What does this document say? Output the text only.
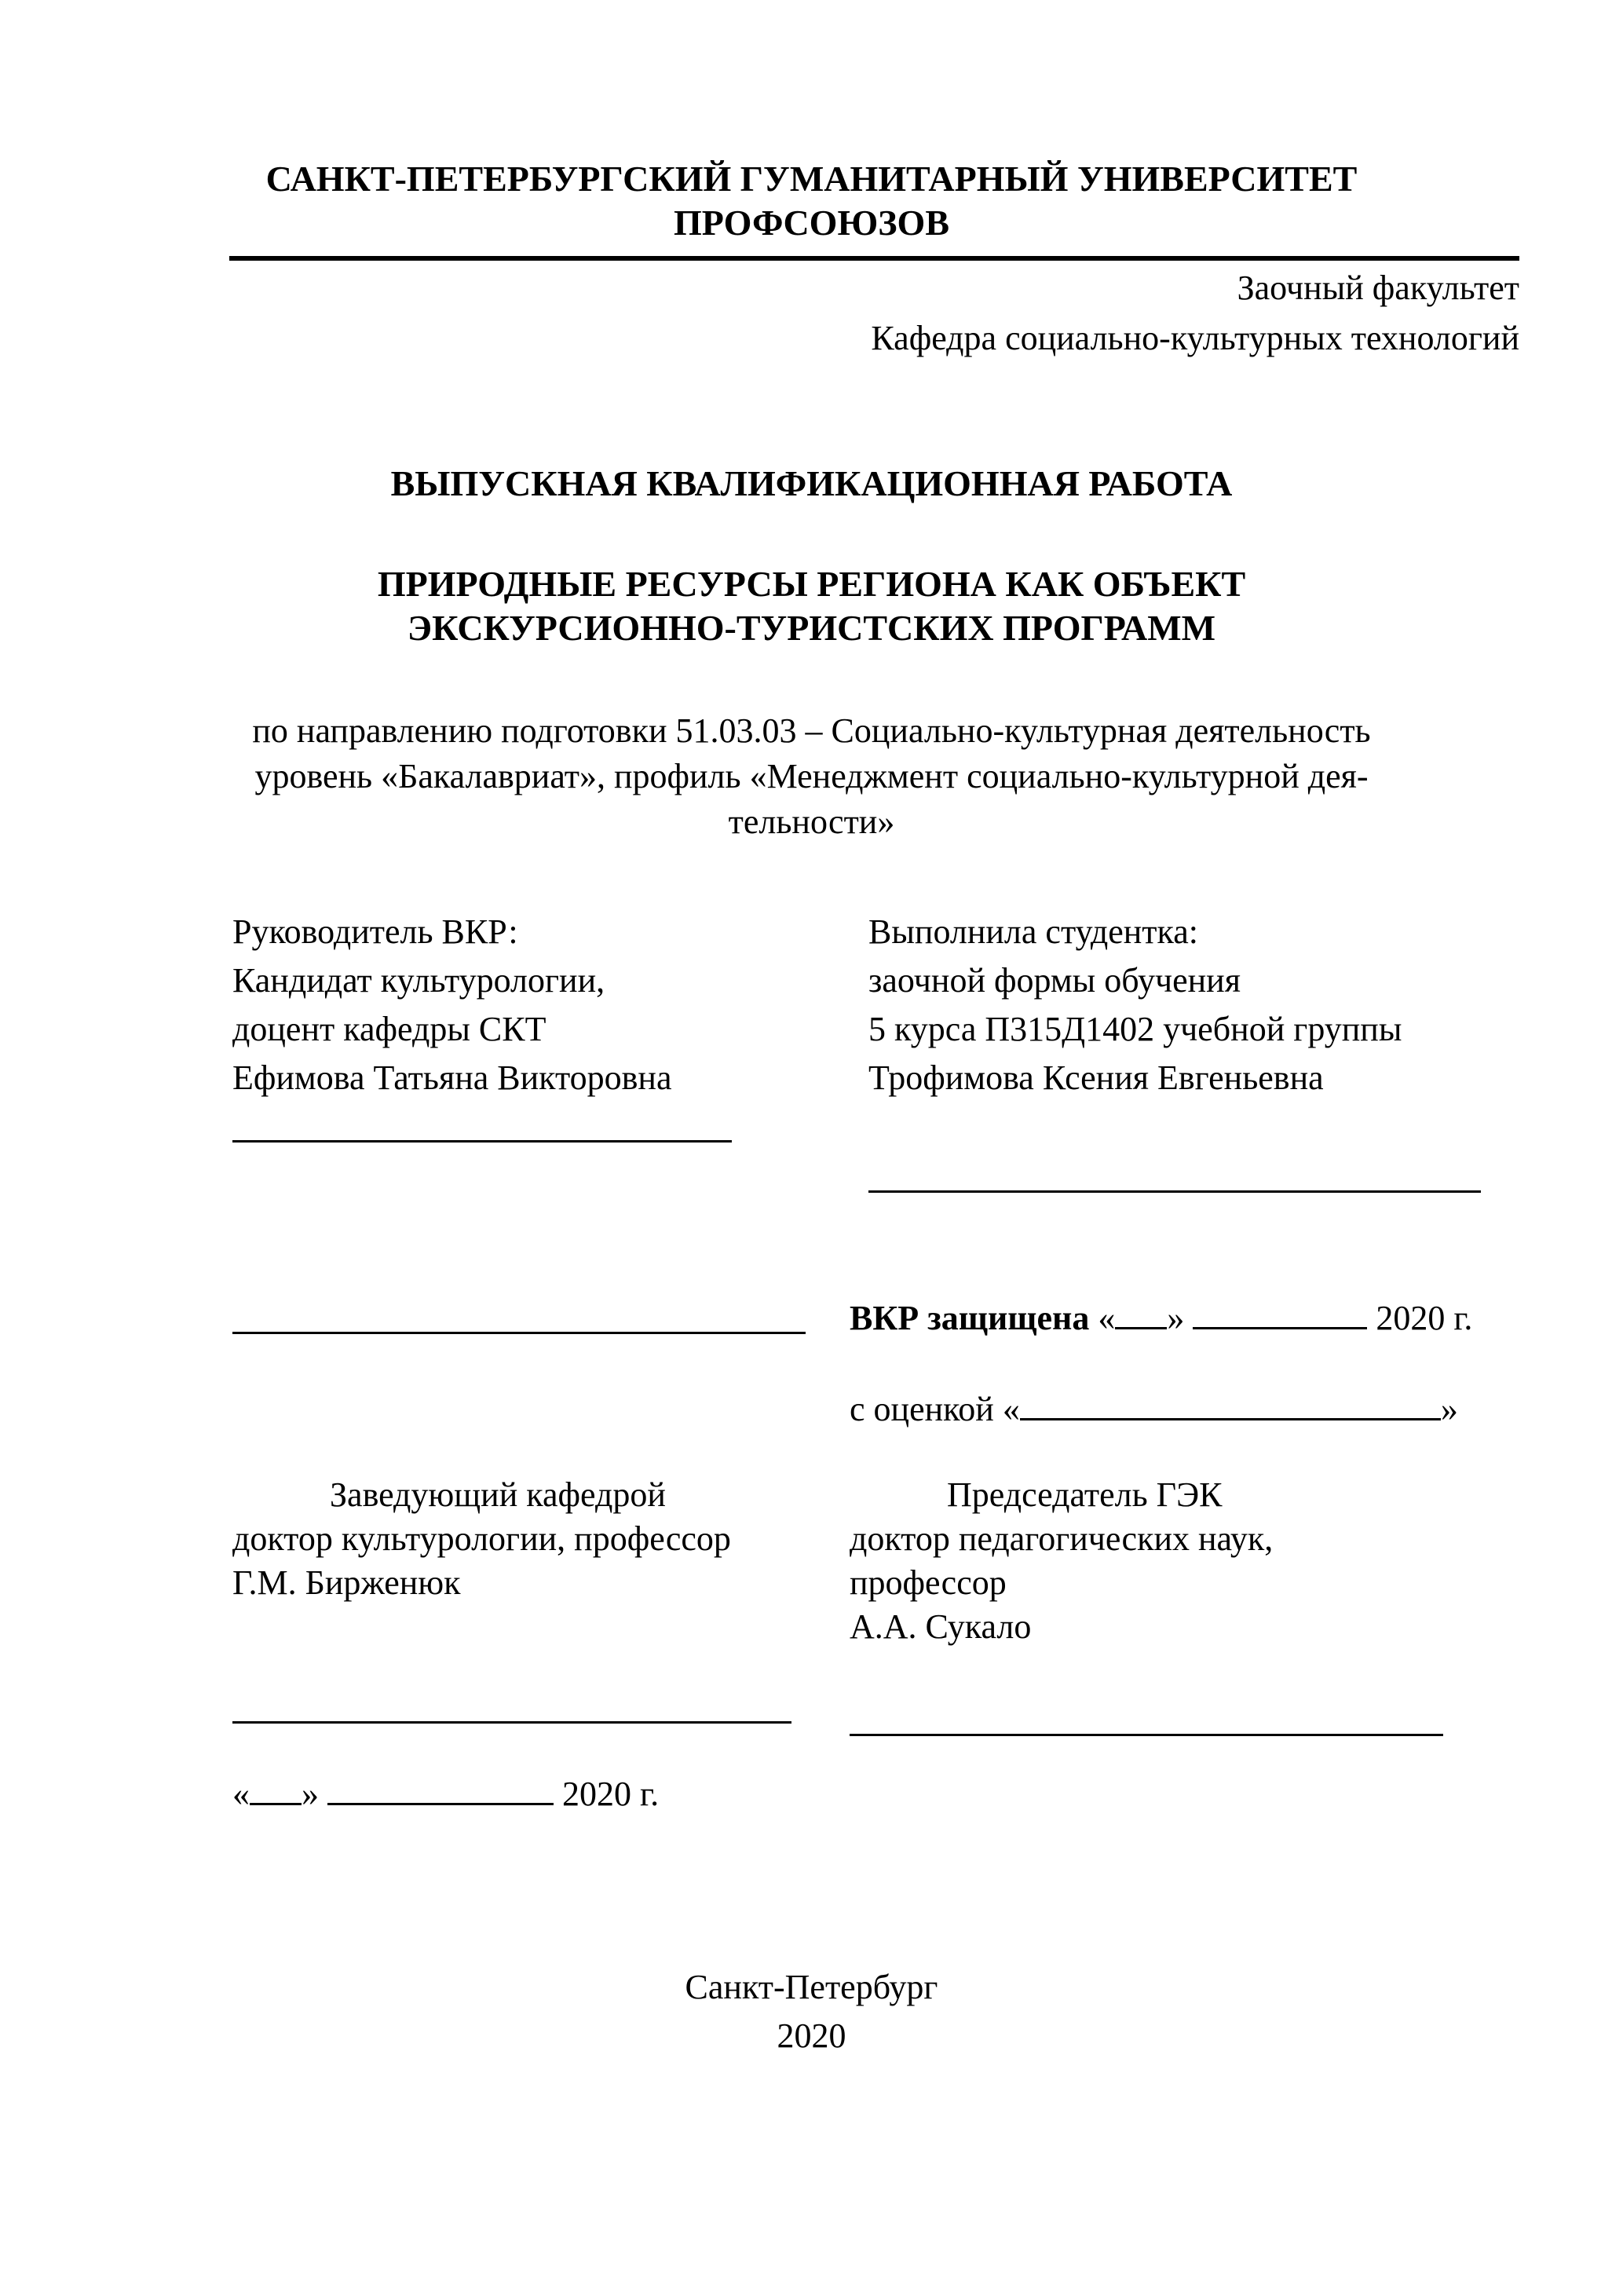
САНКТ-ПЕТЕРБУРГСКИЙ ГУМАНИТАРНЫЙ УНИВЕРСИТЕТ
ПРОФСОЮЗОВ
Заочный факультет
Кафедра социально-культурных технологий
ВЫПУСКНАЯ КВАЛИФИКАЦИОННАЯ РАБОТА
ПРИРОДНЫЕ РЕСУРСЫ РЕГИОНА КАК ОБЪЕКТ
ЭКСКУРСИОННО-ТУРИСТСКИХ ПРОГРАММ
по направлению подготовки 51.03.03 – Социально-культурная деятельность
уровень «Бакалавриат», профиль «Менеджмент социально-культурной дея-
тельности»
Руководитель ВКР:
Кандидат культурологии,
доцент кафедры СКТ
Ефимова Татьяна Викторовна
Выполнила студентка:
заочной формы обучения
5 курса П315Д1402 учебной группы
Трофимова Ксения Евгеньевна
ВКР защищена « »	2020 г.
с оценкой «	»
Заведующий кафедрой
доктор культурологии, профессор
Г.М. Бирженюк
Председатель ГЭК
доктор педагогических наук,
профессор
А.А. Сукало
« »	2020 г.
Санкт-Петербург
2020
